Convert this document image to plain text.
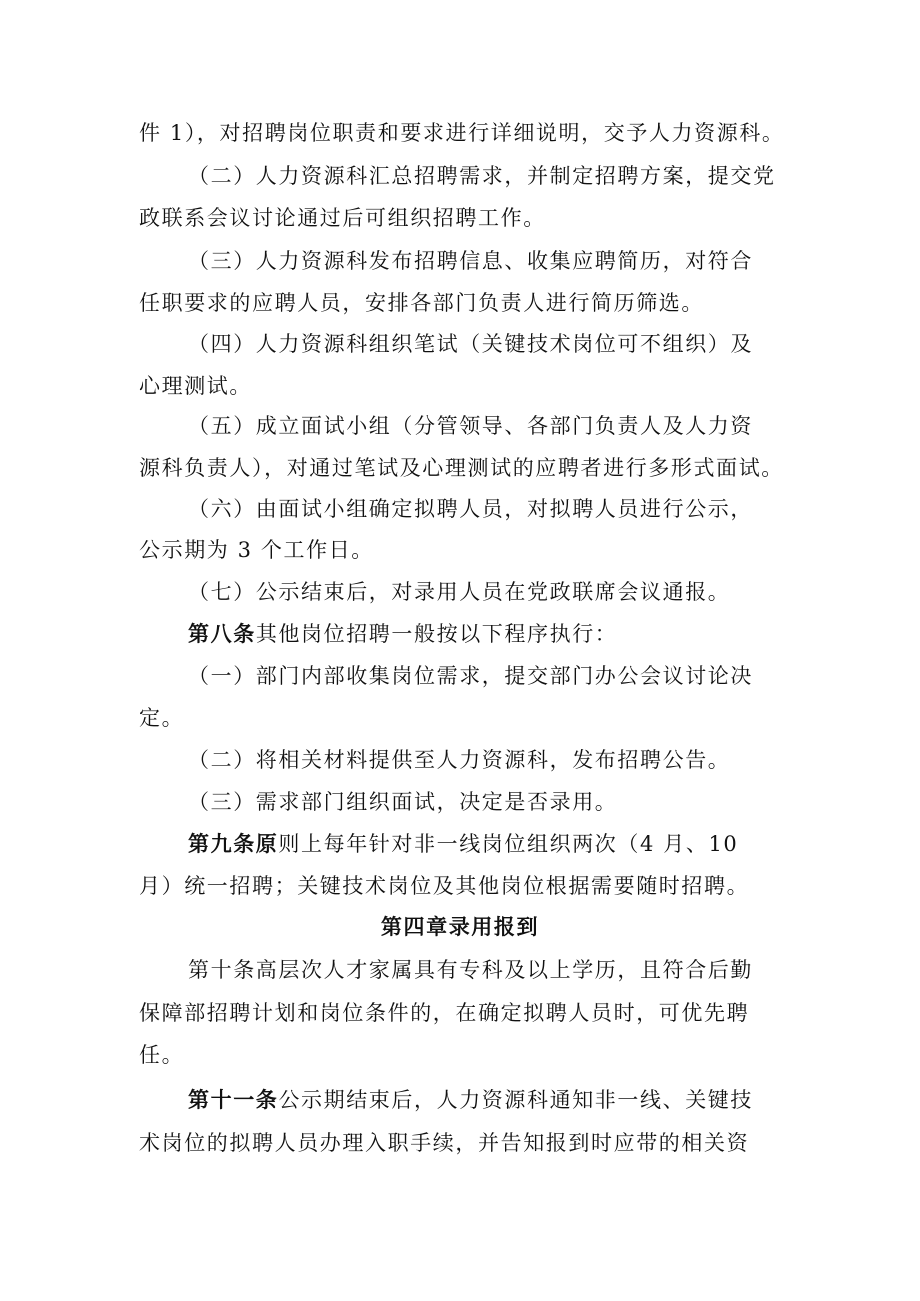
件 1），对招聘岗位职责和要求进行详细说明，交予人力资源科。
（二）人力资源科汇总招聘需求，并制定招聘方案，提交党
政联系会议讨论通过后可组织招聘工作。
（三）人力资源科发布招聘信息、收集应聘简历，对符合
任职要求的应聘人员，安排各部门负责人进行简历筛选。
（四）人力资源科组织笔试（关键技术岗位可不组织）及
心理测试。
（五）成立面试小组（分管领导、各部门负责人及人力资
源科负责人），对通过笔试及心理测试的应聘者进行多形式面试。
（六）由面试小组确定拟聘人员，对拟聘人员进行公示，
公示期为 3 个工作日。
（七）公示结束后，对录用人员在党政联席会议通报。
第八条其他岗位招聘一般按以下程序执行：
（一）部门内部收集岗位需求，提交部门办公会议讨论决
定。
（二）将相关材料提供至人力资源科，发布招聘公告。
（三）需求部门组织面试，决定是否录用。
第九条原则上每年针对非一线岗位组织两次（4 月、10
月）统一招聘；关键技术岗位及其他岗位根据需要随时招聘。
第四章录用报到
第十条高层次人才家属具有专科及以上学历，且符合后勤
保障部招聘计划和岗位条件的，在确定拟聘人员时，可优先聘
任。
第十一条公示期结束后，人力资源科通知非一线、关键技
术岗位的拟聘人员办理入职手续，并告知报到时应带的相关资
